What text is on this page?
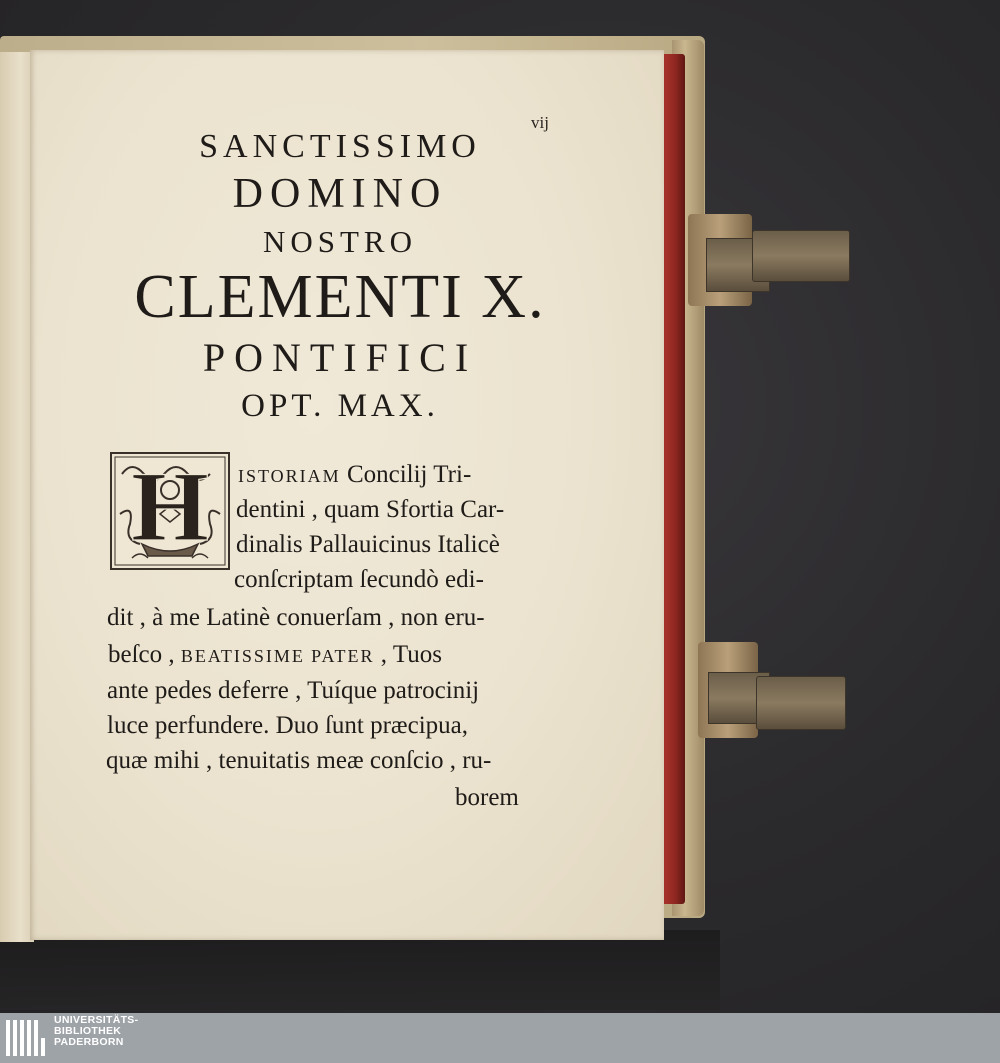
vij
SANCTISSIMO
DOMINO
NOSTRO
CLEMENTI X.
PONTIFICI
OPT. MAX.
H ISTORIAM Concilij Tri-
dentini , quam Sfortia Car-
dinalis Pallauicinus Italicè
conſcriptam ſecundò edi-
dit , à me Latinè conuerſam , non eru-
beſco , BEATISSIME PATER , Tuos
ante pedes deferre , Tuíque patrocinij
luce perfundere. Duo ſunt præcipua,
quæ mihi , tenuitatis meæ conſcio , ru-
borem
UNIVERSITÄTS-
BIBLIOTHEK
PADERBORN
